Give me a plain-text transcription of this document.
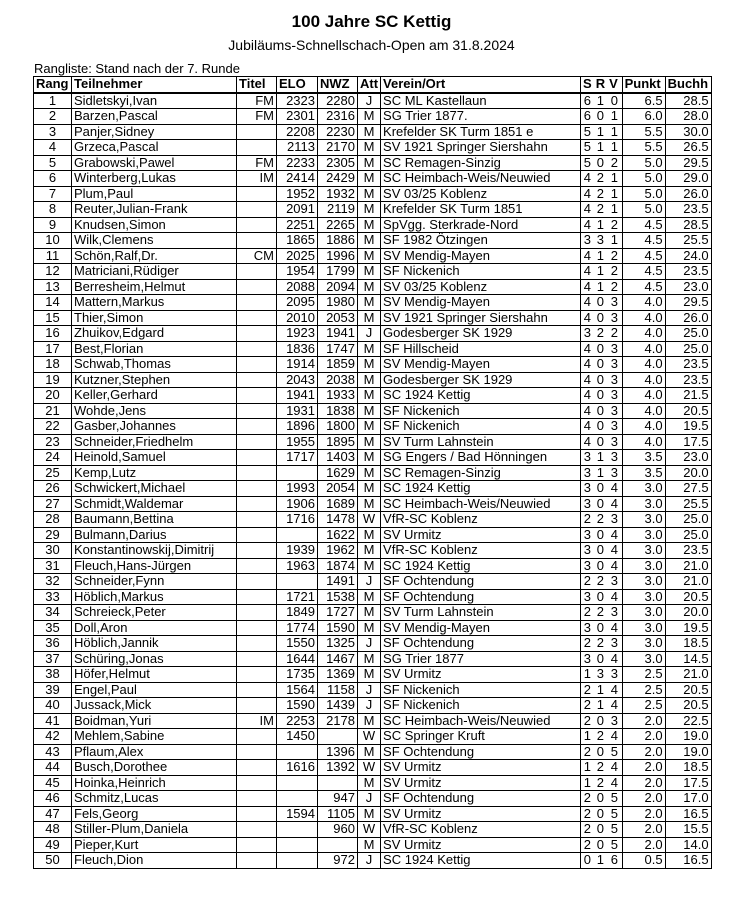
100 Jahre SC Kettig
Jubiläums-Schnellschach-Open am 31.8.2024
Rangliste: Stand nach der 7. Runde
Rang	Teilnehmer	Titel	ELO	NWZ	Att	Verein/Ort	S	R	V	Punkt	Buchh
1	Sidletskyi,Ivan	FM	2323	2280	J	SC ML Kastellaun	6	1	0	6.5	28.5
2	Barzen,Pascal	FM	2301	2316	M	SG Trier 1877.	6	0	1	6.0	28.0
3	Panjer,Sidney		2208	2230	M	Krefelder SK Turm 1851 e	5	1	1	5.5	30.0
4	Grzeca,Pascal		2113	2170	M	SV 1921 Springer Siershahn	5	1	1	5.5	26.5
5	Grabowski,Pawel	FM	2233	2305	M	SC Remagen-Sinzig	5	0	2	5.0	29.5
6	Winterberg,Lukas	IM	2414	2429	M	SC Heimbach-Weis/Neuwied	4	2	1	5.0	29.0
7	Plum,Paul		1952	1932	M	SV 03/25 Koblenz	4	2	1	5.0	26.0
8	Reuter,Julian-Frank		2091	2119	M	Krefelder SK Turm 1851	4	2	1	5.0	23.5
9	Knudsen,Simon		2251	2265	M	SpVgg. Sterkrade-Nord	4	1	2	4.5	28.5
10	Wilk,Clemens		1865	1886	M	SF 1982 Ötzingen	3	3	1	4.5	25.5
11	Schön,Ralf,Dr.	CM	2025	1996	M	SV Mendig-Mayen	4	1	2	4.5	24.0
12	Matriciani,Rüdiger		1954	1799	M	SF Nickenich	4	1	2	4.5	23.5
13	Berresheim,Helmut		2088	2094	M	SV 03/25 Koblenz	4	1	2	4.5	23.0
14	Mattern,Markus		2095	1980	M	SV Mendig-Mayen	4	0	3	4.0	29.5
15	Thier,Simon		2010	2053	M	SV 1921 Springer Siershahn	4	0	3	4.0	26.0
16	Zhuikov,Edgard		1923	1941	J	Godesberger SK 1929	3	2	2	4.0	25.0
17	Best,Florian		1836	1747	M	SF Hillscheid	4	0	3	4.0	25.0
18	Schwab,Thomas		1914	1859	M	SV Mendig-Mayen	4	0	3	4.0	23.5
19	Kutzner,Stephen		2043	2038	M	Godesberger SK 1929	4	0	3	4.0	23.5
20	Keller,Gerhard		1941	1933	M	SC 1924 Kettig	4	0	3	4.0	21.5
21	Wohde,Jens		1931	1838	M	SF Nickenich	4	0	3	4.0	20.5
22	Gasber,Johannes		1896	1800	M	SF Nickenich	4	0	3	4.0	19.5
23	Schneider,Friedhelm		1955	1895	M	SV Turm Lahnstein	4	0	3	4.0	17.5
24	Heinold,Samuel		1717	1403	M	SG Engers / Bad Hönningen	3	1	3	3.5	23.0
25	Kemp,Lutz			1629	M	SC Remagen-Sinzig	3	1	3	3.5	20.0
26	Schwickert,Michael		1993	2054	M	SC 1924 Kettig	3	0	4	3.0	27.5
27	Schmidt,Waldemar		1906	1689	M	SC Heimbach-Weis/Neuwied	3	0	4	3.0	25.5
28	Baumann,Bettina		1716	1478	W	VfR-SC Koblenz	2	2	3	3.0	25.0
29	Bulmann,Darius			1622	M	SV Urmitz	3	0	4	3.0	25.0
30	Konstantinowskij,Dimitrij		1939	1962	M	VfR-SC Koblenz	3	0	4	3.0	23.5
31	Fleuch,Hans-Jürgen		1963	1874	M	SC 1924 Kettig	3	0	4	3.0	21.0
32	Schneider,Fynn			1491	J	SF Ochtendung	2	2	3	3.0	21.0
33	Höblich,Markus		1721	1538	M	SF Ochtendung	3	0	4	3.0	20.5
34	Schreieck,Peter		1849	1727	M	SV Turm Lahnstein	2	2	3	3.0	20.0
35	Doll,Aron		1774	1590	M	SV Mendig-Mayen	3	0	4	3.0	19.5
36	Höblich,Jannik		1550	1325	J	SF Ochtendung	2	2	3	3.0	18.5
37	Schüring,Jonas		1644	1467	M	SG Trier 1877	3	0	4	3.0	14.5
38	Höfer,Helmut		1735	1369	M	SV Urmitz	1	3	3	2.5	21.0
39	Engel,Paul		1564	1158	J	SF Nickenich	2	1	4	2.5	20.5
40	Jussack,Mick		1590	1439	J	SF Nickenich	2	1	4	2.5	20.5
41	Boidman,Yuri	IM	2253	2178	M	SC Heimbach-Weis/Neuwied	2	0	3	2.0	22.5
42	Mehlem,Sabine		1450		W	SC Springer Kruft	1	2	4	2.0	19.0
43	Pflaum,Alex			1396	M	SF Ochtendung	2	0	5	2.0	19.0
44	Busch,Dorothee		1616	1392	W	SV Urmitz	1	2	4	2.0	18.5
45	Hoinka,Heinrich				M	SV Urmitz	1	2	4	2.0	17.5
46	Schmitz,Lucas			947	J	SF Ochtendung	2	0	5	2.0	17.0
47	Fels,Georg		1594	1105	M	SV Urmitz	2	0	5	2.0	16.5
48	Stiller-Plum,Daniela			960	W	VfR-SC Koblenz	2	0	5	2.0	15.5
49	Pieper,Kurt				M	SV Urmitz	2	0	5	2.0	14.0
50	Fleuch,Dion			972	J	SC 1924 Kettig	0	1	6	0.5	16.5
